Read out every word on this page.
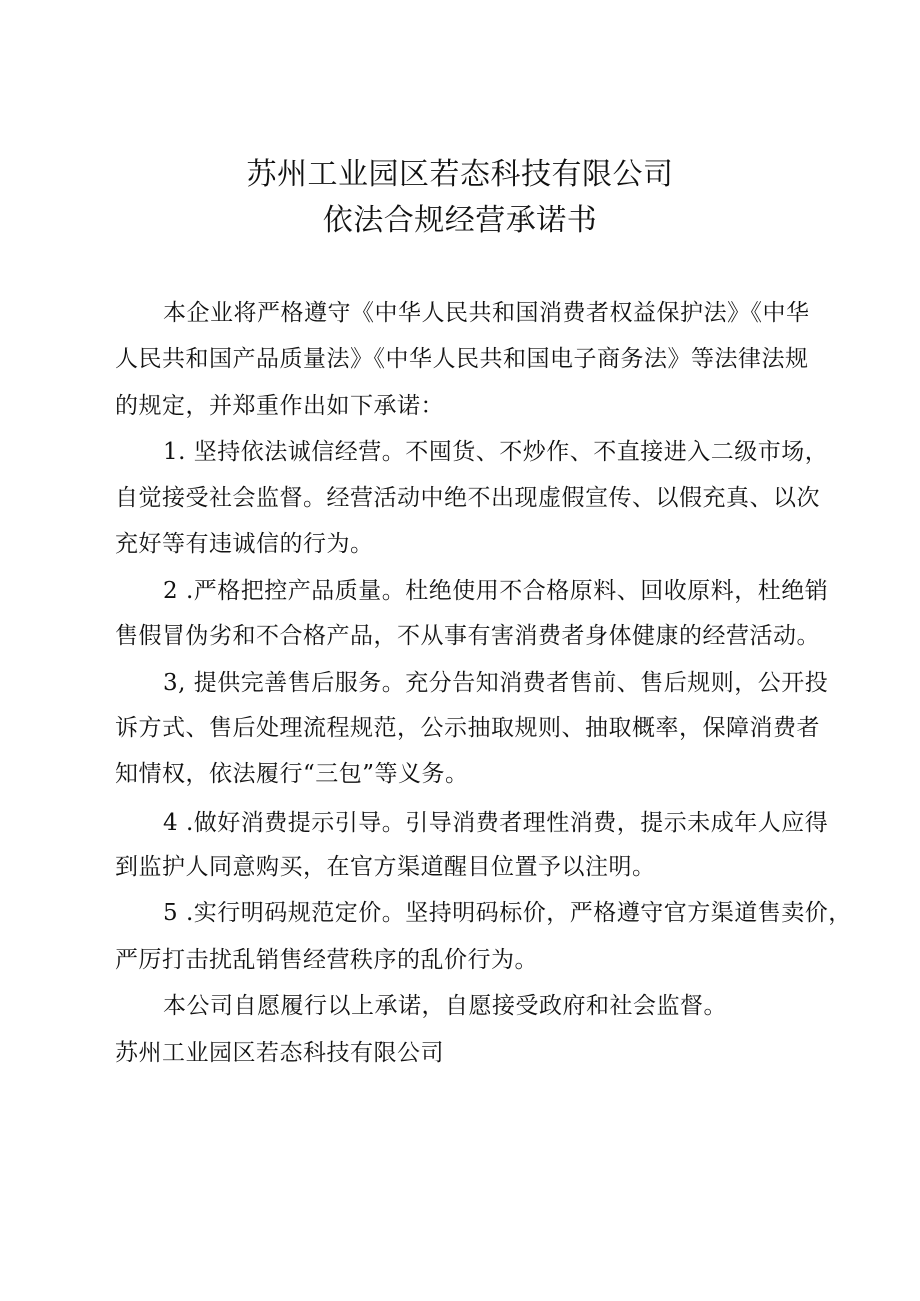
苏州工业园区若态科技有限公司
依法合规经营承诺书
本企业将严格遵守《中华人民共和国消费者权益保护法》《中华
人民共和国产品质量法》《中华人民共和国电子商务法》等法律法规
的规定，并郑重作出如下承诺：
1. 坚持依法诚信经营。不囤货、不炒作、不直接进入二级市场，
自觉接受社会监督。经营活动中绝不出现虚假宣传、以假充真、以次
充好等有违诚信的行为。
2 .严格把控产品质量。杜绝使用不合格原料、回收原料，杜绝销
售假冒伪劣和不合格产品，不从事有害消费者身体健康的经营活动。
3, 提供完善售后服务。充分告知消费者售前、售后规则，公开投
诉方式、售后处理流程规范，公示抽取规则、抽取概率，保障消费者
知情权，依法履行“三包”等义务。
4 .做好消费提示引导。引导消费者理性消费，提示未成年人应得
到监护人同意购买，在官方渠道醒目位置予以注明。
5 .实行明码规范定价。坚持明码标价，严格遵守官方渠道售卖价，
严厉打击扰乱销售经营秩序的乱价行为。
本公司自愿履行以上承诺，自愿接受政府和社会监督。
苏州工业园区若态科技有限公司
